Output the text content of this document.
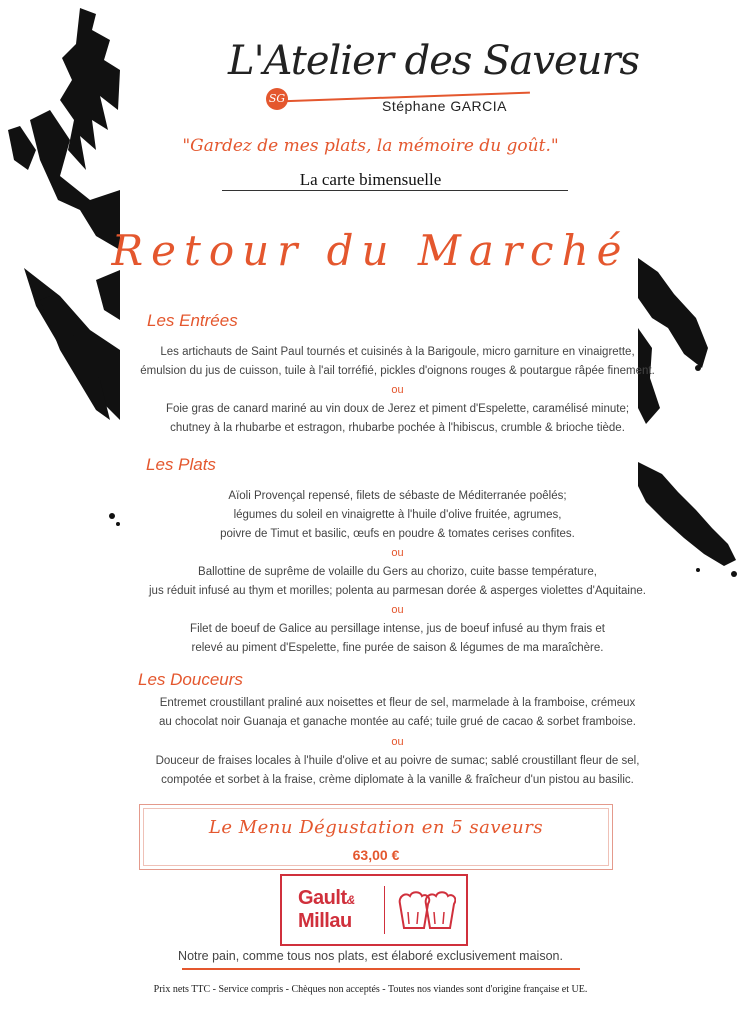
L'Atelier des Saveurs
SG	Stéphane GARCIA
"Gardez de mes plats, la mémoire du goût."
La carte bimensuelle
Retour du Marché
Les Entrées
Les artichauts de Saint Paul tournés et cuisinés à la Barigoule, micro garniture en vinaigrette,
émulsion du jus de cuisson, tuile à l'ail torréfié, pickles d'oignons rouges & poutargue râpée finement.
ou
Foie gras de canard mariné au vin doux de Jerez et piment d'Espelette, caramélisé minute;
chutney à la rhubarbe et estragon, rhubarbe pochée à l'hibiscus, crumble & brioche tiède.
Les Plats
Aïoli Provençal repensé, filets de sébaste de Méditerranée poêlés;
légumes du soleil en vinaigrette à l'huile d'olive fruitée, agrumes,
poivre de Timut et basilic, œufs en poudre & tomates cerises confites.
ou
Ballottine de suprême de volaille du Gers au chorizo, cuite basse température,
jus réduit infusé au thym et morilles; polenta au parmesan dorée & asperges violettes d'Aquitaine.
ou
Filet de boeuf de Galice au persillage intense, jus de boeuf infusé au thym frais et
relevé au piment d'Espelette, fine purée de saison & légumes de ma maraîchère.
Les Douceurs
Entremet croustillant praliné aux noisettes et fleur de sel, marmelade à la framboise, crémeux
au chocolat noir Guanaja et ganache montée au café; tuile grué de cacao & sorbet framboise.
ou
Douceur de fraises locales à l'huile d'olive et au poivre de sumac; sablé croustillant fleur de sel,
compotée et sorbet à la fraise, crème diplomate à la vanille & fraîcheur d'un pistou au basilic.
Le Menu Dégustation en 5 saveurs
63,00 €
Gault&
Millau
Notre pain, comme tous nos plats, est élaboré exclusivement maison.
Prix nets TTC - Service compris - Chèques non acceptés - Toutes nos viandes sont d'origine française et UE.
